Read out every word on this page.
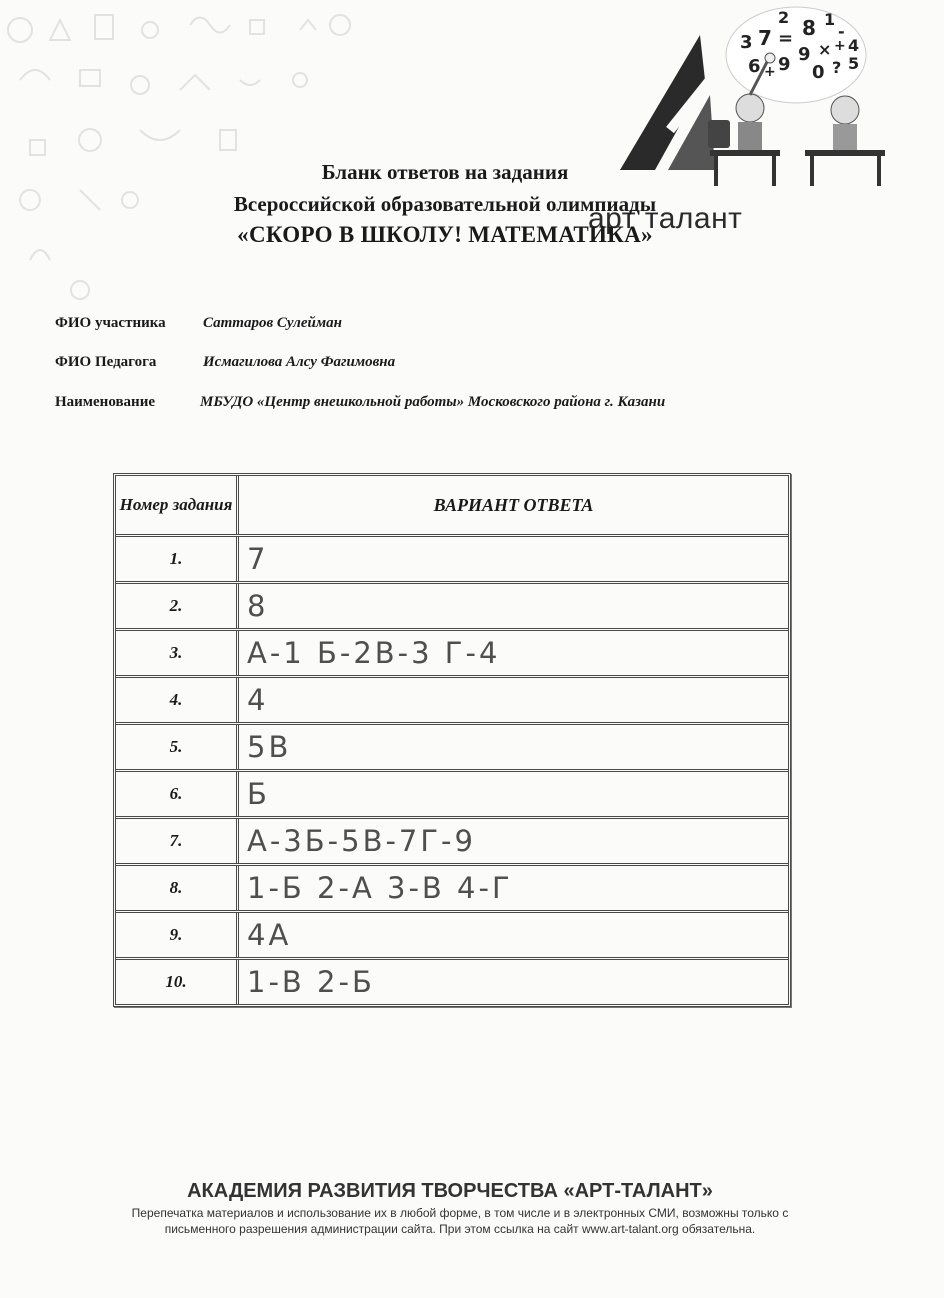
3 7
2 8 1
=	-
9 × + 4
6 + 9 0 ? 5
арт талант
Бланк ответов на задания
Всероссийской образовательной олимпиады
«СКОРО В ШКОЛУ! МАТЕМАТИКА»
ФИО участника Саттаров Сулейман
ФИО Педагога	Исмагилова Алсу Фагимовна
Наименование	МБУДО «Центр внешкольной работы» Московского района г. Казани
Номер задания	ВАРИАНТ ОТВЕТА
1.	7
2.	8
3.	А-1 Б-2В-3 Г-4
4.	4
5.	5В
6.	Б
7.	А-3Б-5В-7Г-9
8.	1-Б 2-А 3-В 4-Г
9.	4А
10.	1-В 2-Б
АКАДЕМИЯ РАЗВИТИЯ ТВОРЧЕСТВА «АРТ-ТАЛАНТ»
Перепечатка материалов и использование их в любой форме, в том числе и в электронных СМИ, возможны только с
письменного разрешения администрации сайта. При этом ссылка на сайт www.art-talant.org обязательна.
